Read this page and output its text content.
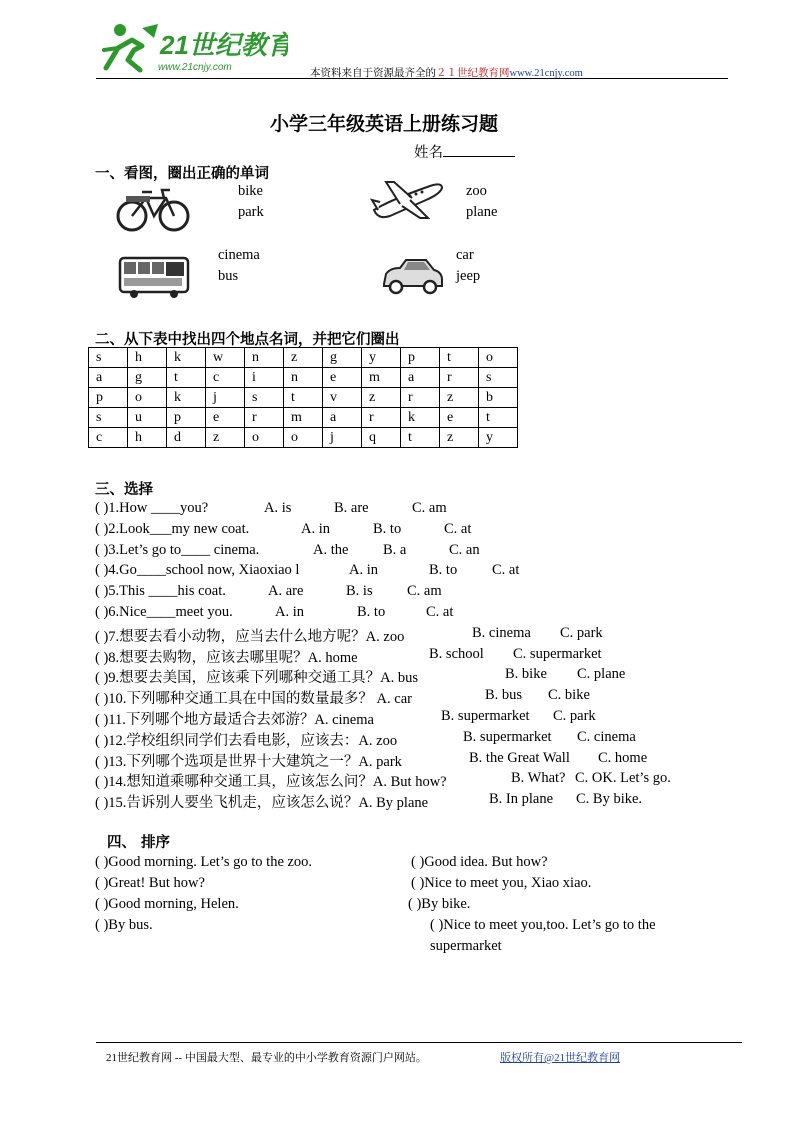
21世纪教育
www.21cnjy.com
本资料来自于资源最齐全的２１世纪教育网www.21cnjy.com
小学三年级英语上册练习题
姓名
一、看图，圈出正确的单词
bike
park
zoo
plane
cinema
bus
car
jeep
二、从下表中找出四个地点名词，并把它们圈出
s	h	k	w	n	z	g	y	p	t	o
a	g	t	c	i	n	e	m	a	r	s
p	o	k	j	s	t	v	z	r	z	b
s	u	p	e	r	m	a	r	k	e	t
c	h	d	z	o	o	j	q	t	z	y
三、选择
( )1.How ____you?	A. is	B. are	C. am
( )2.Look___my new coat.	A. in	B. to	C. at
( )3.Let’s go to____ cinema.	A. the B. a	C. an
( )4.Go____school now, Xiaoxiao l	A. in	B. to C. at
( )5.This ____his coat.	A. are	B. is C. am
( )6.Nice____meet you.	A. in	B. to	C. at
( )7.想要去看小动物，应当去什么地方呢？A. zoo	B. cinema C. park
( )8.想要去购物，应该去哪里呢？A. home	B. school C. supermarket
( )9.想要去美国，应该乘下列哪种交通工具？A. bus	B. bike C. plane
( )10.下列哪种交通工具在中国的数量最多？ A. car	B. bus C. bike
( )11.下列哪个地方最适合去郊游？A. cinema	B. supermarket C. park
( )12.学校组织同学们去看电影，应该去：A. zoo	B. supermarket C. cinema
( )13.下列哪个选项是世界十大建筑之一？A. park	B. the Great Wall C. home
( )14.想知道乘哪种交通工具，应该怎么问？A. But how?	B. What? C. OK. Let’s go.
( )15.告诉别人要坐飞机走，应该怎么说？A. By plane	B. In plane C. By bike.
四、 排序
( )Good morning. Let’s go to the zoo.
( )Great! But how?
( )Good morning, Helen.
( )By bus.
( )Good idea. But how?
( )Nice to meet you, Xiao xiao.
( )By bike.
( )Nice to meet you,too. Let’s go to the
supermarket
21世纪教育网 -- 中国最大型、最专业的中小学教育资源门户网站。	版权所有@21世纪教育网
